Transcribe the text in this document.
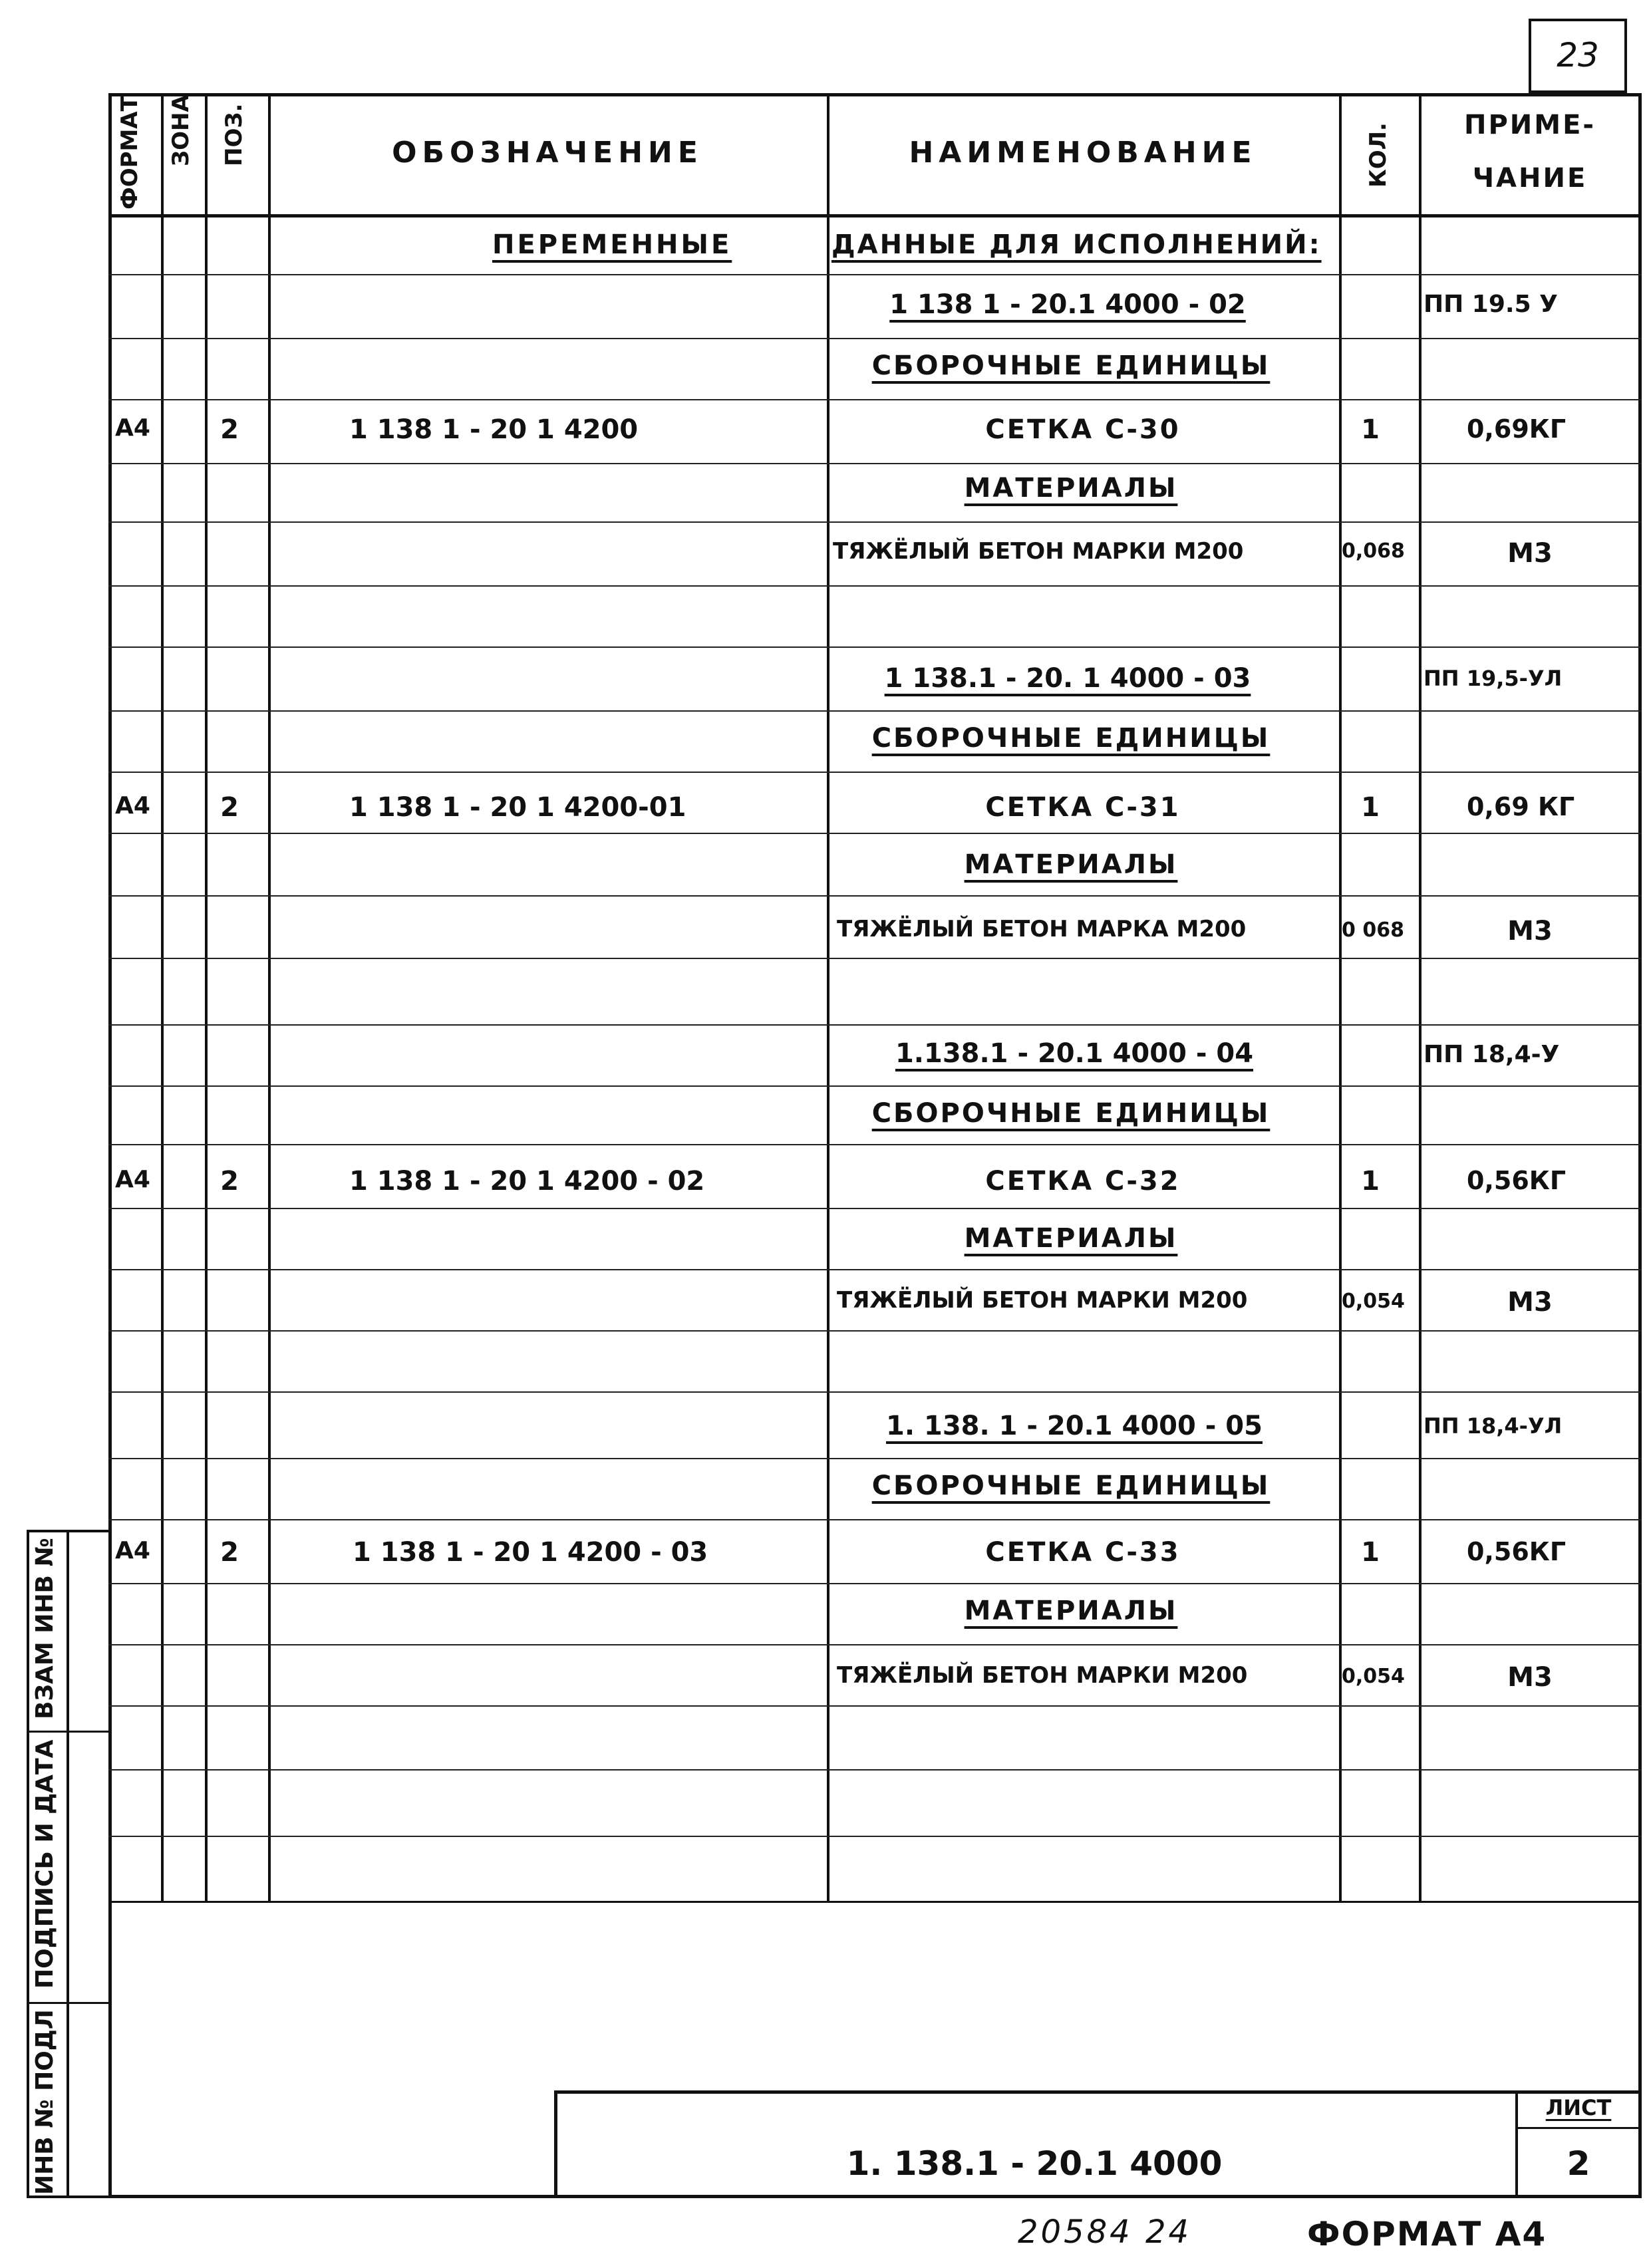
23
ФОРМАТ ЗОНА ПОЗ.	ОБОЗНАЧЕНИЕ	НАИМЕНОВАНИЕ	КОЛ.	ПРИМЕ-
ЧАНИЕ
ПЕРЕМЕННЫЕ	ДАННЫЕ ДЛЯ ИСПОЛНЕНИЙ:
1 138 1 - 20.1 4000 - 02	ПП 19.5 У
СБОРОЧНЫЕ ЕДИНИЦЫ
А4	2	1 138 1 - 20 1 4200	СЕТКА С-30	1	0,69КГ
МАТЕРИАЛЫ
ТЯЖЁЛЫЙ БЕТОН МАРКИ М200	0,068	М3
1 138.1 - 20. 1 4000 - 03	ПП 19,5-УЛ
СБОРОЧНЫЕ ЕДИНИЦЫ
А4	2	1 138 1 - 20 1 4200-01	СЕТКА С-31	1	0,69 КГ
МАТЕРИАЛЫ
ТЯЖЁЛЫЙ БЕТОН МАРКА М200	0 068	М3
1.138.1 - 20.1 4000 - 04	ПП 18,4-У
СБОРОЧНЫЕ ЕДИНИЦЫ
А4	2	1 138 1 - 20 1 4200 - 02	СЕТКА С-32	1	0,56КГ
МАТЕРИАЛЫ
ТЯЖЁЛЫЙ БЕТОН МАРКИ М200	0,054	М3
1. 138. 1 - 20.1 4000 - 05	ПП 18,4-УЛ
СБОРОЧНЫЕ ЕДИНИЦЫ
А4	2	1 138 1 - 20 1 4200 - 03	СЕТКА С-33	1	0,56КГ
МАТЕРИАЛЫ
ТЯЖЁЛЫЙ БЕТОН МАРКИ М200	0,054	М3
ИНВ № ПОДЛ
ПОДПИСЬ И ДАТА
ВЗАМ ИНВ №
1. 138.1 - 20.1 4000
ЛИСТ
2
20584 24	ФОРМАТ А4
